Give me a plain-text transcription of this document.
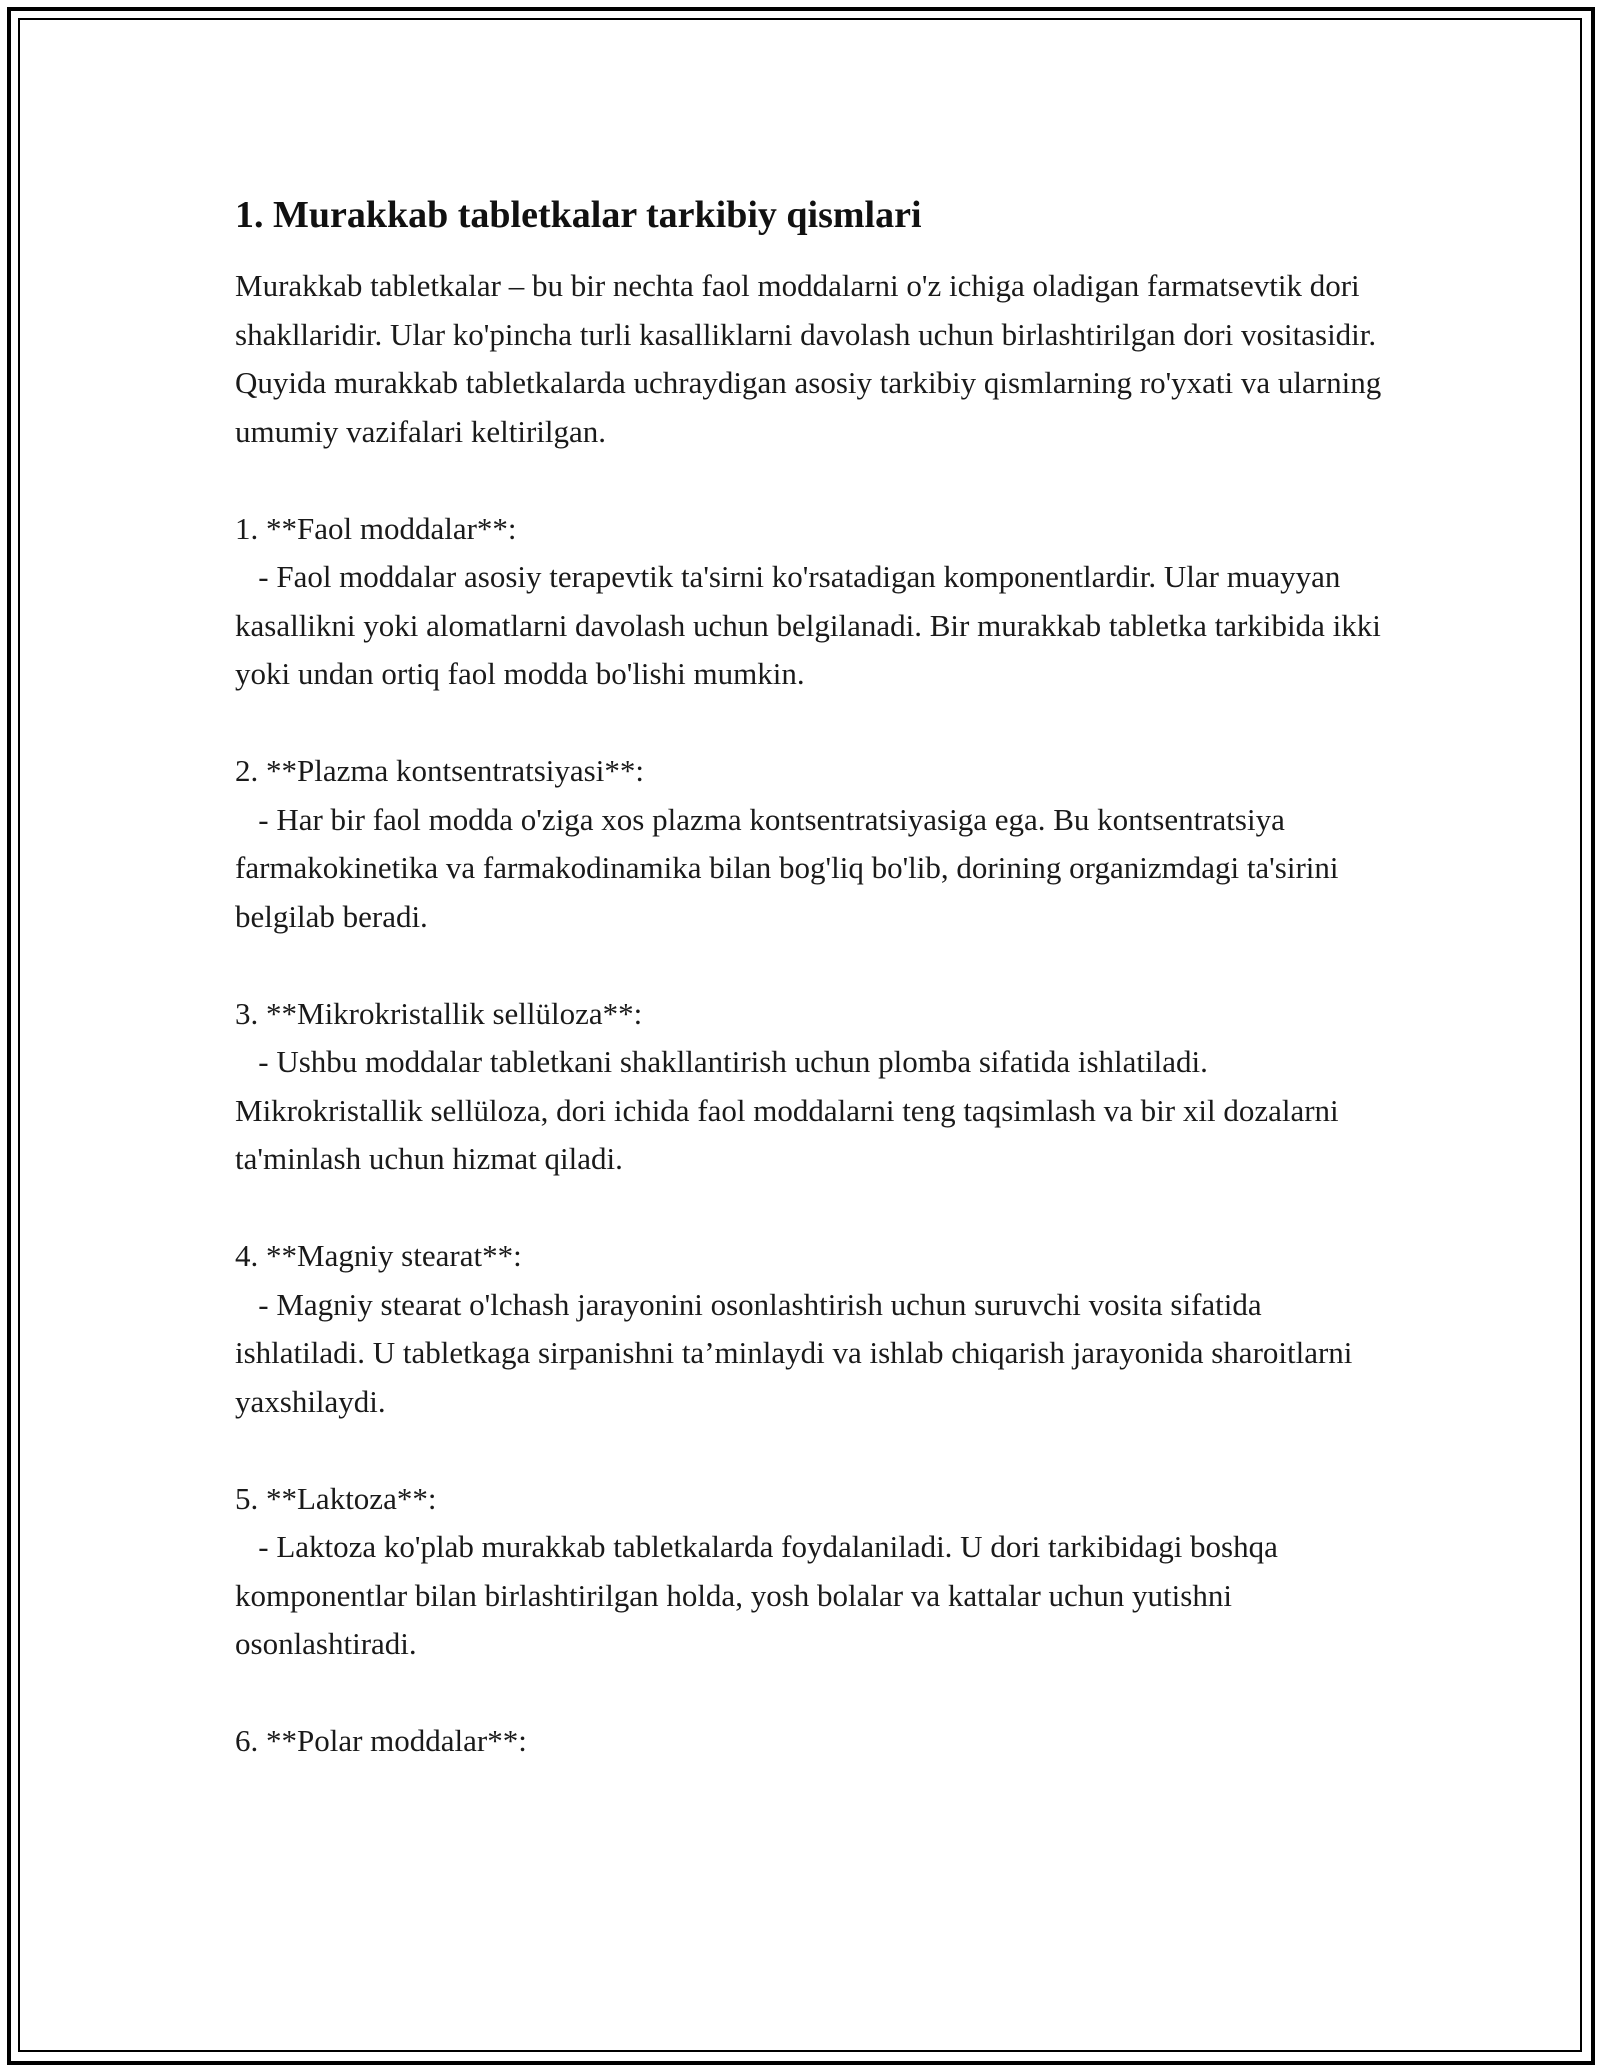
1. Murakkab tabletkalar tarkibiy qismlari

Murakkab tabletkalar – bu bir nechta faol moddalarni o'z ichiga oladigan farmatsevtik dori shakllaridir. Ular ko'pincha turli kasalliklarni davolash uchun birlashtirilgan dori vositasidir. Quyida murakkab tabletkalarda uchraydigan asosiy tarkibiy qismlarning ro'yxati va ularning umumiy vazifalari keltirilgan.

1. **Faol moddalar**:

- Faol moddalar asosiy terapevtik ta'sirni ko'rsatadigan komponentlardir. Ular muayyan kasallikni yoki alomatlarni davolash uchun belgilanadi. Bir murakkab tabletka tarkibida ikki yoki undan ortiq faol modda bo'lishi mumkin.

2. **Plazma kontsentratsiyasi**:

- Har bir faol modda o'ziga xos plazma kontsentratsiyasiga ega. Bu kontsentratsiya farmakokinetika va farmakodinamika bilan bog'liq bo'lib, dorining organizmdagi ta'sirini belgilab beradi.

3. **Mikrokristallik sellüloza**:

- Ushbu moddalar tabletkani shakllantirish uchun plomba sifatida ishlatiladi. Mikrokristallik sellüloza, dori ichida faol moddalarni teng taqsimlash va bir xil dozalarni ta'minlash uchun hizmat qiladi.

4. **Magniy stearat**:

- Magniy stearat o'lchash jarayonini osonlashtirish uchun suruvchi vosita sifatida ishlatiladi. U tabletkaga sirpanishni ta’minlaydi va ishlab chiqarish jarayonida sharoitlarni yaxshilaydi.

5. **Laktoza**:

- Laktoza ko'plab murakkab tabletkalarda foydalaniladi. U dori tarkibidagi boshqa komponentlar bilan birlashtirilgan holda, yosh bolalar va kattalar uchun yutishni osonlashtiradi.

6. **Polar moddalar**:
